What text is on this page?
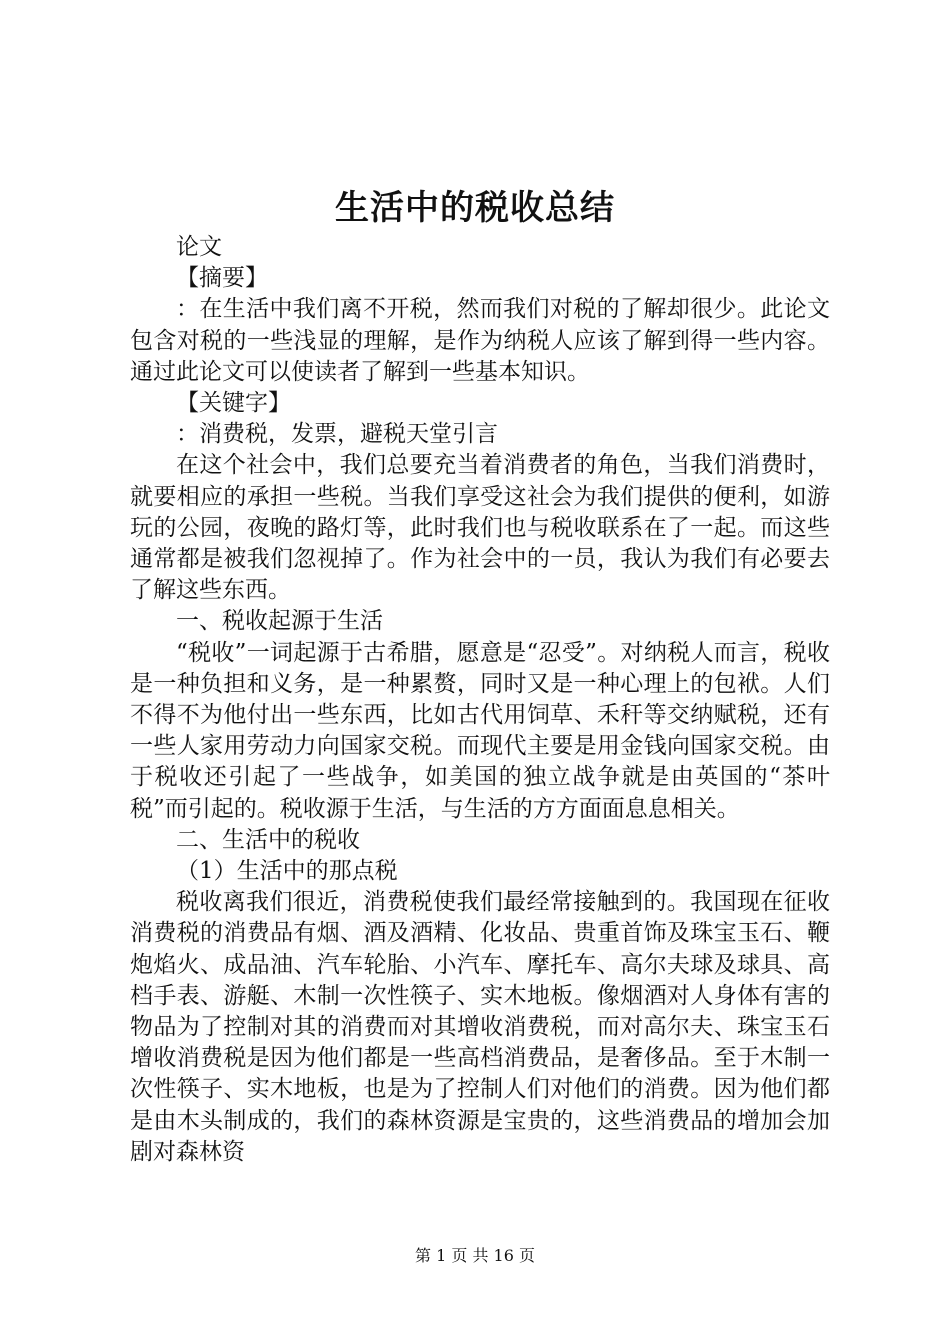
生活中的税收总结

论文

【摘要】

：在生活中我们离不开税，然而我们对税的了解却很少。此论文包含对税的一些浅显的理解，是作为纳税人应该了解到得一些内容。通过此论文可以使读者了解到一些基本知识。

【关键字】

：消费税，发票，避税天堂引言

在这个社会中，我们总要充当着消费者的角色，当我们消费时，就要相应的承担一些税。当我们享受这社会为我们提供的便利，如游玩的公园，夜晚的路灯等，此时我们也与税收联系在了一起。而这些通常都是被我们忽视掉了。作为社会中的一员，我认为我们有必要去了解这些东西。

一、税收起源于生活

“税收”一词起源于古希腊，愿意是“忍受”。对纳税人而言，税收是一种负担和义务，是一种累赘，同时又是一种心理上的包袱。人们不得不为他付出一些东西，比如古代用饲草、禾秆等交纳赋税，还有一些人家用劳动力向国家交税。而现代主要是用金钱向国家交税。由于税收还引起了一些战争，如美国的独立战争就是由英国的“茶叶税”而引起的。税收源于生活，与生活的方方面面息息相关。

二、生活中的税收

（1）生活中的那点税

税收离我们很近，消费税使我们最经常接触到的。我国现在征收消费税的消费品有烟、酒及酒精、化妆品、贵重首饰及珠宝玉石、鞭炮焰火、成品油、汽车轮胎、小汽车、摩托车、高尔夫球及球具、高档手表、游艇、木制一次性筷子、实木地板。像烟酒对人身体有害的物品为了控制对其的消费而对其增收消费税，而对高尔夫、珠宝玉石增收消费税是因为他们都是一些高档消费品，是奢侈品。至于木制一次性筷子、实木地板，也是为了控制人们对他们的消费。因为他们都是由木头制成的，我们的森林资源是宝贵的，这些消费品的增加会加剧对森林资

第 1 页 共 16 页
